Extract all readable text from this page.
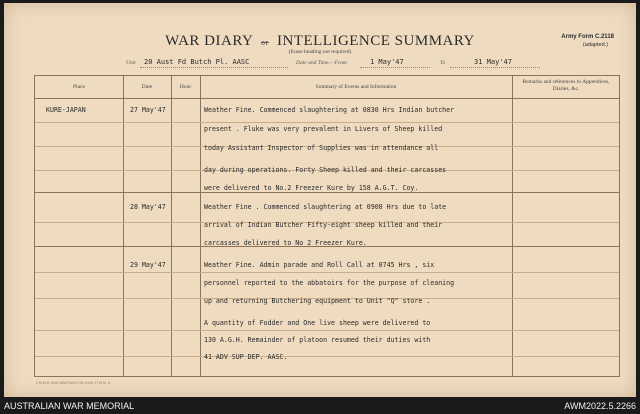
WAR DIARY or INTELLIGENCE SUMMARY
(Erase heading not required)
Army Form C.2118
(adapted.)
Unit 20 Aust Fd Butch Pl. AASC	Date and Time.—From	1 May'47	To	31 May'47
Place	Date	Hour	Summary of Events and Information
Remarks and references to Appendices, Diaries, &c.
KURE-JAPAN	27 May'47	Weather Fine. Commenced slaughtering at 0830 Hrs Indian butcher
present . Fluke was very prevalent in Livers of Sheep killed
today Assistant Inspector of Supplies was in attendance all
day during operations. Forty Sheep killed and their carcasses
were delivered to No.2 Freezer Kure by 158 A.G.T. Coy.
28 May'47	Weather Fine . Commenced slaughtering at 0900 Hrs due to late
arrival of Indian Butcher Fifty-eight sheep killed and their
carcasses delivered to No 2 Freezer Kure.
29 May'47	Weather Fine. Admin parade and Roll Call at 0745 Hrs , six
personnel reported to the abbatoirs for the purpose of cleaning
up and returning Butchering equipment to Unit "Q" store .
A quantity of Fodder and One live sheep were delivered to
130 A.G.H. Remainder of platoon resumed their duties with
41 ADV SUP DEP. AASC.
2 M.M.B. 8/46 3000 PADS 100 100/2 17 M.M. S.
AUSTRALIAN WAR MEMORIAL	AWM2022.5.2266
